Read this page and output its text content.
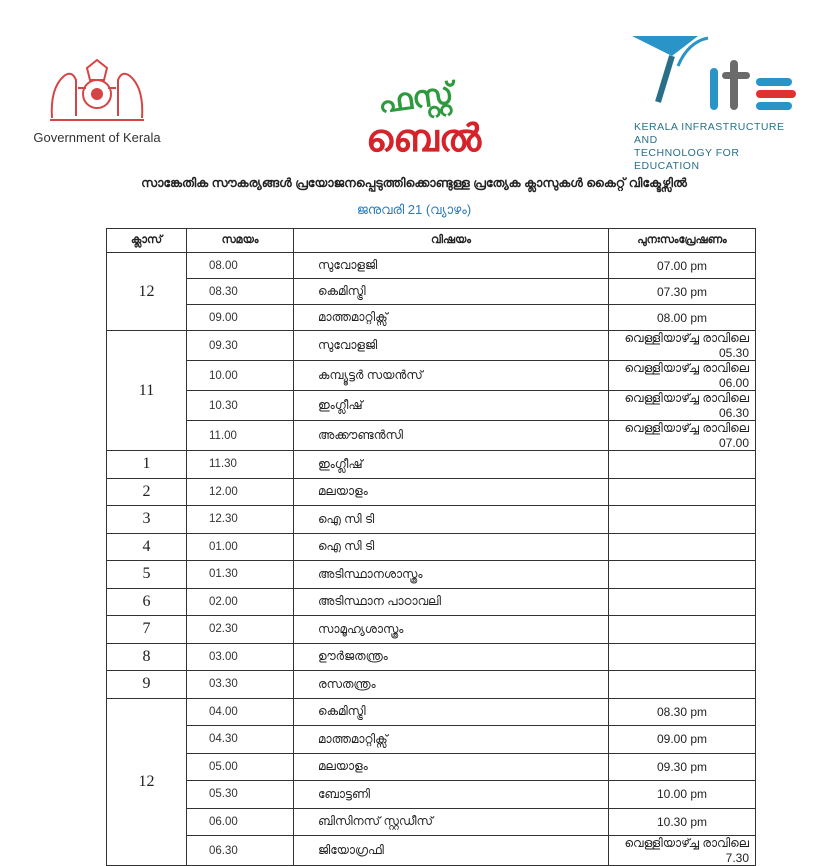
Government of Kerala
ഫസ്റ്റ്
ബെൽ	KERALA INFRASTRUCTURE AND
TECHNOLOGY FOR EDUCATION
സാങ്കേതിക സൗകര്യങ്ങൾ പ്രയോജനപ്പെടുത്തിക്കൊണ്ടുള്ള പ്രത്യേക ക്ലാസുകൾ കൈറ്റ് വിക്ടേഴ്സിൽ
ജനുവരി 21 (വ്യാഴം)
ക്ലാസ്	സമയം	വിഷയം	പുനഃസംപ്രേഷണം
12	08.00	സുവോളജി	07.00 pm
	08.30	കെമിസ്ട്രി	07.30 pm
	09.00	മാത്തമാറ്റിക്സ്	08.00 pm
11	09.30	സുവോളജി	വെള്ളിയാഴ്ച്ച രാവിലെ 05.30
	10.00	കമ്പ്യൂട്ടർ സയൻസ്	വെള്ളിയാഴ്ച്ച രാവിലെ 06.00
	10.30	ഇംഗ്ലീഷ്	വെള്ളിയാഴ്ച്ച രാവിലെ 06.30
	11.00	അക്കൗണ്ടൻസി	വെള്ളിയാഴ്ച്ച രാവിലെ 07.00
1	11.30	ഇംഗ്ലീഷ്	
2	12.00	മലയാളം	
3	12.30	ഐ സി ടി	
4	01.00	ഐ സി ടി	
5	01.30	അടിസ്ഥാനശാസ്ത്രം	
6	02.00	അടിസ്ഥാന പാഠാവലി	
7	02.30	സാമൂഹ്യശാസ്ത്രം	
8	03.00	ഊർജതന്ത്രം	
9	03.30	രസതന്ത്രം	
12	04.00	കെമിസ്ട്രി	08.30 pm
	04.30	മാത്തമാറ്റിക്സ്	09.00 pm
	05.00	മലയാളം	09.30 pm
	05.30	ബോട്ടണി	10.00 pm
	06.00	ബിസിനസ് സ്റ്റഡീസ്	10.30 pm
	06.30	ജിയോഗ്രഫി	വെള്ളിയാഴ്ച്ച രാവിലെ 7.30
